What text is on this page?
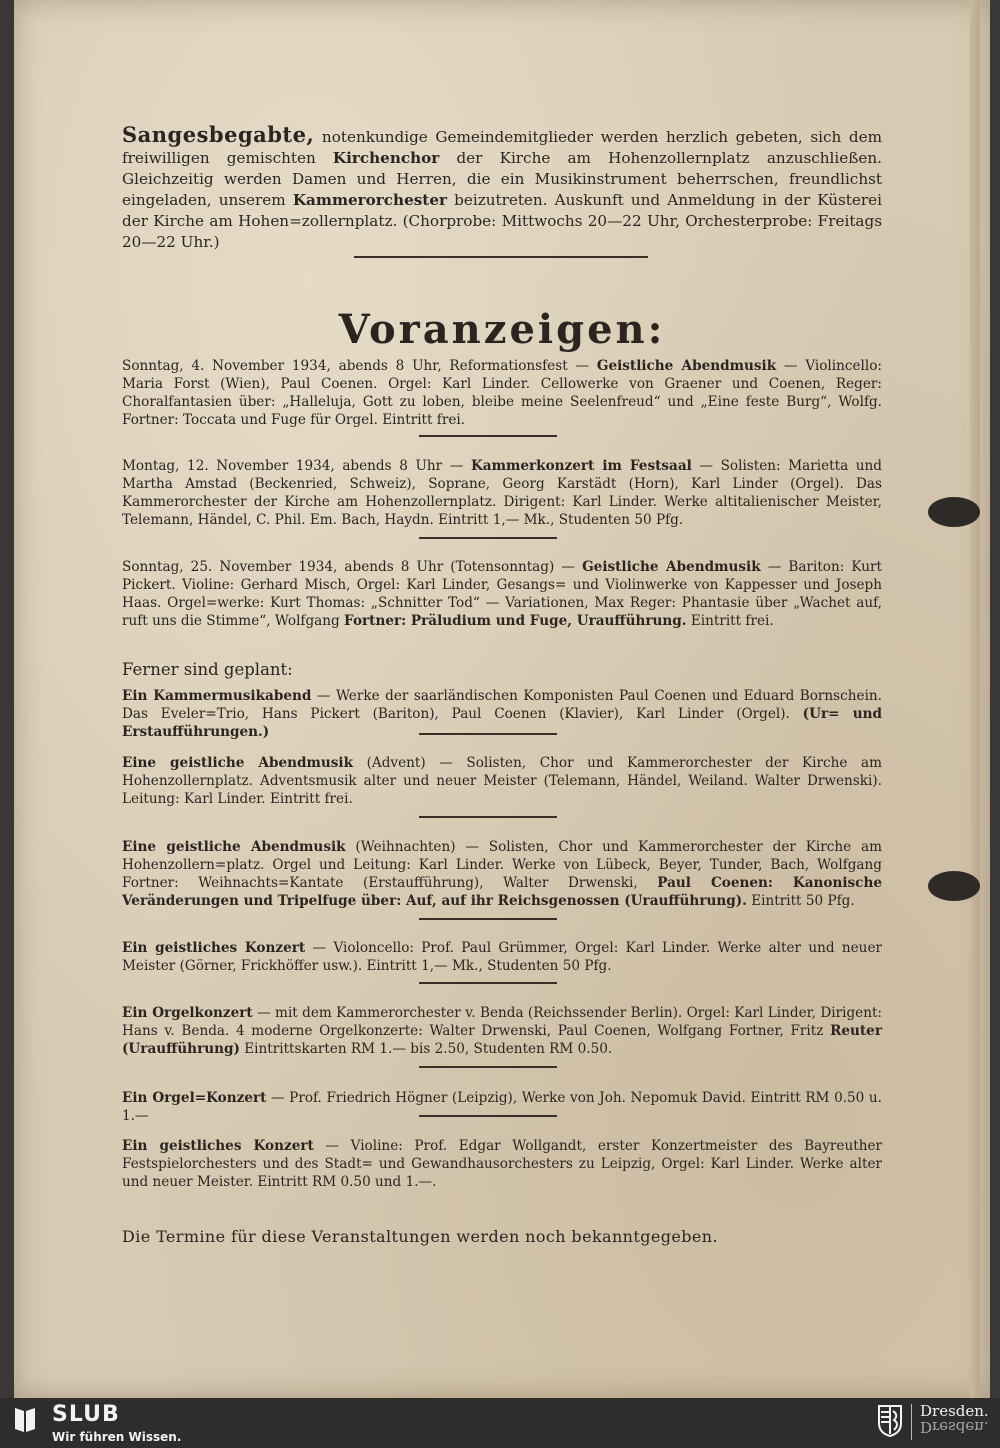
Sangesbegabte, notenkundige Gemeindemitglieder werden herzlich gebeten, sich dem freiwilligen gemischten Kirchenchor der Kirche am Hohenzollernplatz anzuschließen. Gleichzeitig werden Damen und Herren, die ein Musikinstrument beherrschen, freundlichst eingeladen, unserem Kammerorchester beizutreten. Auskunft und Anmeldung in der Küsterei der Kirche am Hohen=zollernplatz. (Chorprobe: Mittwochs 20—22 Uhr, Orchesterprobe: Freitags 20—22 Uhr.)
Voranzeigen:
Sonntag, 4. November 1934, abends 8 Uhr, Reformationsfest — Geistliche Abendmusik — Violincello: Maria Forst (Wien), Paul Coenen. Orgel: Karl Linder. Cellowerke von Graener und Coenen, Reger: Choralfantasien über: „Halleluja, Gott zu loben, bleibe meine Seelenfreud“ und „Eine feste Burg“, Wolfg. Fortner: Toccata und Fuge für Orgel. Eintritt frei.
Montag, 12. November 1934, abends 8 Uhr — Kammerkonzert im Festsaal — Solisten: Marietta und Martha Amstad (Beckenried, Schweiz), Soprane, Georg Karstädt (Horn), Karl Linder (Orgel). Das Kammerorchester der Kirche am Hohenzollernplatz. Dirigent: Karl Linder. Werke altitalienischer Meister, Telemann, Händel, C. Phil. Em. Bach, Haydn. Eintritt 1,— Mk., Studenten 50 Pfg.
Sonntag, 25. November 1934, abends 8 Uhr (Totensonntag) — Geistliche Abendmusik — Bariton: Kurt Pickert. Violine: Gerhard Misch, Orgel: Karl Linder, Gesangs= und Violinwerke von Kappesser und Joseph Haas. Orgel=werke: Kurt Thomas: „Schnitter Tod“ — Variationen, Max Reger: Phantasie über „Wachet auf, ruft uns die Stimme“, Wolfgang Fortner: Präludium und Fuge, Uraufführung. Eintritt frei.
Ferner sind geplant:
Ein Kammermusikabend — Werke der saarländischen Komponisten Paul Coenen und Eduard Bornschein. Das Eveler=Trio, Hans Pickert (Bariton), Paul Coenen (Klavier), Karl Linder (Orgel). (Ur= und Erstaufführungen.)
Eine geistliche Abendmusik (Advent) — Solisten, Chor und Kammerorchester der Kirche am Hohenzollernplatz. Adventsmusik alter und neuer Meister (Telemann, Händel, Weiland. Walter Drwenski). Leitung: Karl Linder. Eintritt frei.
Eine geistliche Abendmusik (Weihnachten) — Solisten, Chor und Kammerorchester der Kirche am Hohenzollern=platz. Orgel und Leitung: Karl Linder. Werke von Lübeck, Beyer, Tunder, Bach, Wolfgang Fortner: Weihnachts=Kantate (Erstaufführung), Walter Drwenski, Paul Coenen: Kanonische Veränderungen und Tripelfuge über: Auf, auf ihr Reichsgenossen (Uraufführung). Eintritt 50 Pfg.
Ein geistliches Konzert — Violoncello: Prof. Paul Grümmer, Orgel: Karl Linder. Werke alter und neuer Meister (Görner, Frickhöffer usw.). Eintritt 1,— Mk., Studenten 50 Pfg.
Ein Orgelkonzert — mit dem Kammerorchester v. Benda (Reichssender Berlin). Orgel: Karl Linder, Dirigent: Hans v. Benda. 4 moderne Orgelkonzerte: Walter Drwenski, Paul Coenen, Wolfgang Fortner, Fritz Reuter (Uraufführung) Eintrittskarten RM 1.— bis 2.50, Studenten RM 0.50.
Ein Orgel=Konzert — Prof. Friedrich Högner (Leipzig), Werke von Joh. Nepomuk David. Eintritt RM 0.50 u. 1.—
Ein geistliches Konzert — Violine: Prof. Edgar Wollgandt, erster Konzertmeister des Bayreuther Festspielorchesters und des Stadt= und Gewandhausorchesters zu Leipzig, Orgel: Karl Linder. Werke alter und neuer Meister. Eintritt RM 0.50 und 1.—.
Die Termine für diese Veranstaltungen werden noch bekanntgegeben.
SLUB
Wir führen Wissen.
Dresden.
Dresden.
